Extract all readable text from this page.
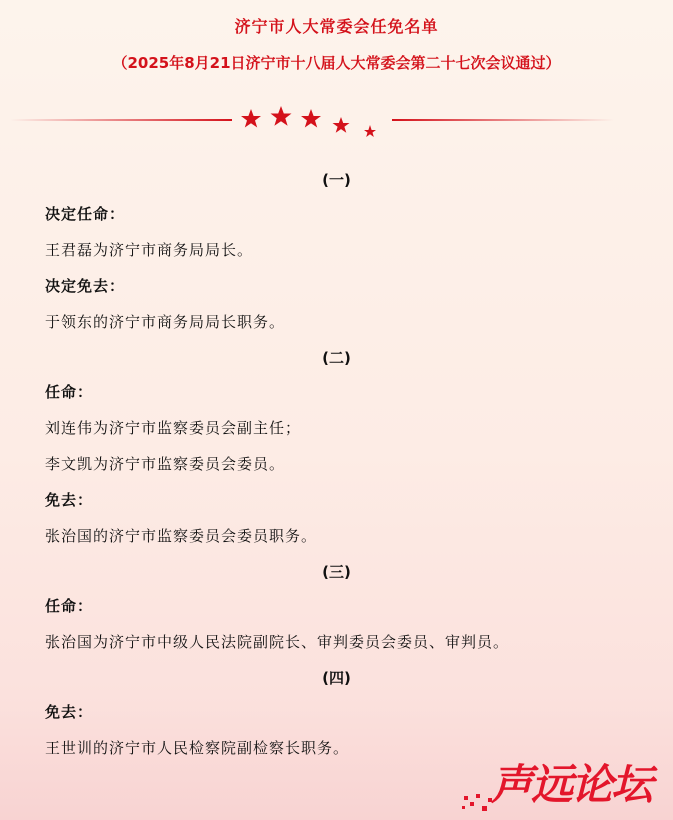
济宁市人大常委会任免名单
（2025年8月21日济宁市十八届人大常委会第二十七次会议通过）
(一)
决定任命：
王君磊为济宁市商务局局长。
决定免去：
于领东的济宁市商务局局长职务。
(二)
任命：
刘连伟为济宁市监察委员会副主任；
李文凯为济宁市监察委员会委员。
免去：
张治国的济宁市监察委员会委员职务。
(三)
任命：
张治国为济宁市中级人民法院副院长、审判委员会委员、审判员。
(四)
免去：
王世训的济宁市人民检察院副检察长职务。
声远论坛
